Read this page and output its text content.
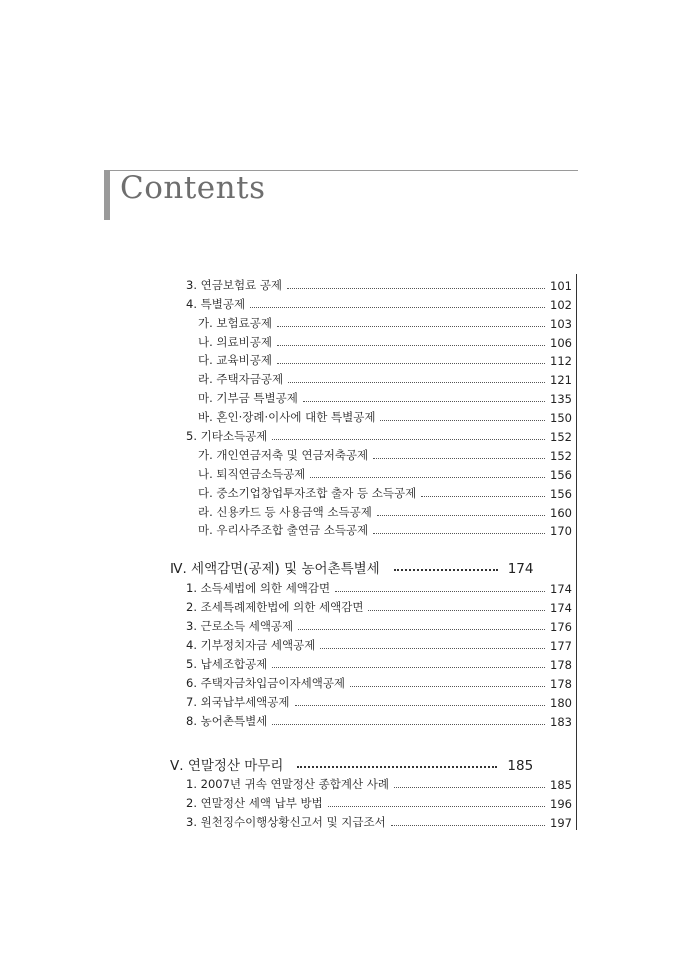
Contents
3. 연금보험료 공제	101
4. 특별공제	102
가. 보험료공제	103
나. 의료비공제	106
다. 교육비공제	112
라. 주택자금공제	121
마. 기부금 특별공제	135
바. 혼인·장례·이사에 대한 특별공제	150
5. 기타소득공제	152
가. 개인연금저축 및 연금저축공제	152
나. 퇴직연금소득공제	156
다. 중소기업창업투자조합 출자 등 소득공제	156
라. 신용카드 등 사용금액 소득공제	160
마. 우리사주조합 출연금 소득공제	170
Ⅳ. 세액감면(공제) 및 농어촌특별세	174
1. 소득세법에 의한 세액감면	174
2. 조세특례제한법에 의한 세액감면	174
3. 근로소득 세액공제	176
4. 기부정치자금 세액공제	177
5. 납세조합공제	178
6. 주택자금차입금이자세액공제	178
7. 외국납부세액공제	180
8. 농어촌특별세	183
Ⅴ. 연말정산 마무리	185
1. 2007년 귀속 연말정산 종합계산 사례	185
2. 연말정산 세액 납부 방법	196
3. 원천징수이행상황신고서 및 지급조서	197
